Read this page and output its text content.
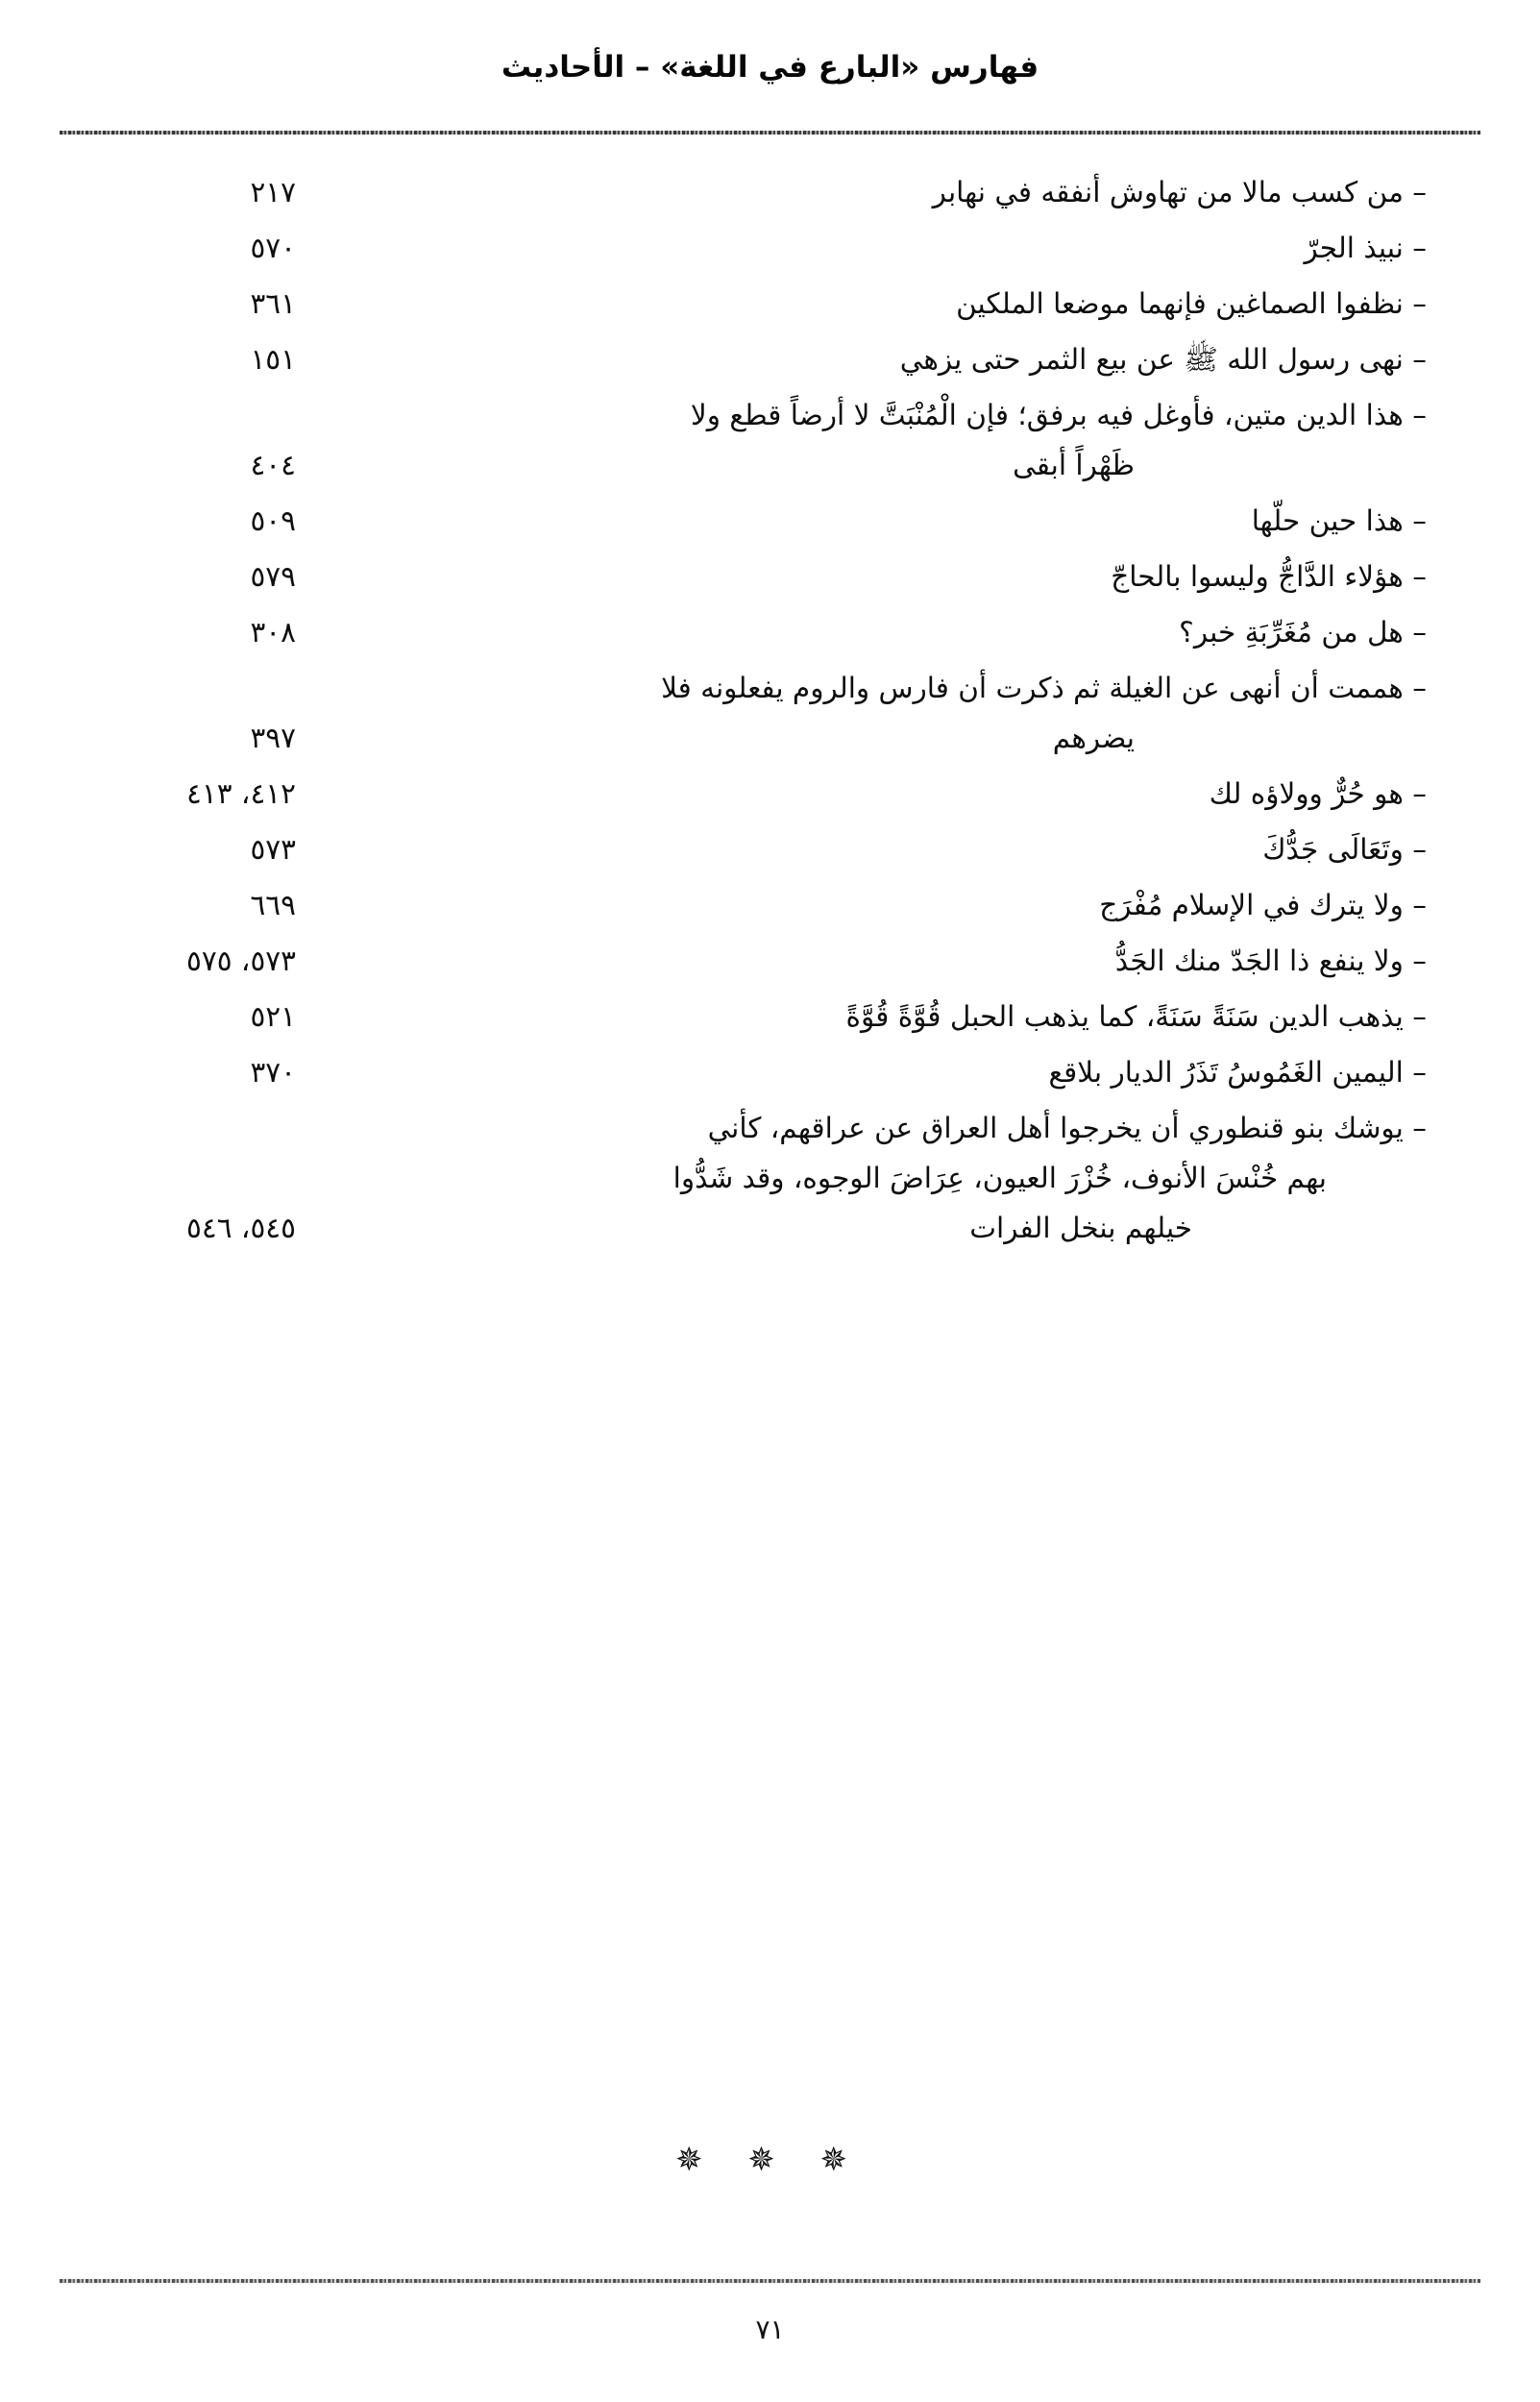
فهارس «البارع في اللغة» – الأحاديث
– من كسب مالا من تهاوش أنفقه في نهابر
٢١٧
– نبيذ الجرّ
٥٧٠
– نظفوا الصماغين فإنهما موضعا الملكين
٣٦١
– نهى رسول الله ﷺ عن بيع الثمر حتى يزهي
١٥١
– هذا الدين متين، فأوغل فيه برفق؛ فإن الْمُنْبَتَّ لا أرضاً قطع ولا
ظَهْراً أبقى
٤٠٤
– هذا حين حلّها
٥٠٩
– هؤلاء الدَّاجُّ وليسوا بالحاجّ
٥٧٩
– هل من مُغَرِّبَةِ خبر؟
٣٠٨
– هممت أن أنهى عن الغيلة ثم ذكرت أن فارس والروم يفعلونه فلا
يضرهم
٣٩٧
– هو حُرٌّ وولاؤه لك
٤١٢، ٤١٣
– وتَعَالَى جَدُّكَ
٥٧٣
– ولا يترك في الإسلام مُفْرَج
٦٦٩
– ولا ينفع ذا الجَدّ منك الجَدُّ
٥٧٣، ٥٧٥
– يذهب الدين سَنَةً سَنَةً، كما يذهب الحبل قُوَّةً قُوَّةً
٥٢١
– اليمين الغَمُوسُ تَذَرُ الديار بلاقع
٣٧٠
– يوشك بنو قنطوري أن يخرجوا أهل العراق عن عراقهم، كأني
بهم خُنْسَ الأنوف، خُزْرَ العيون، عِرَاضَ الوجوه، وقد شَدُّوا
خيلهم بنخل الفرات
٥٤٥، ٥٤٦
✵ ✵ ✵
٧١
